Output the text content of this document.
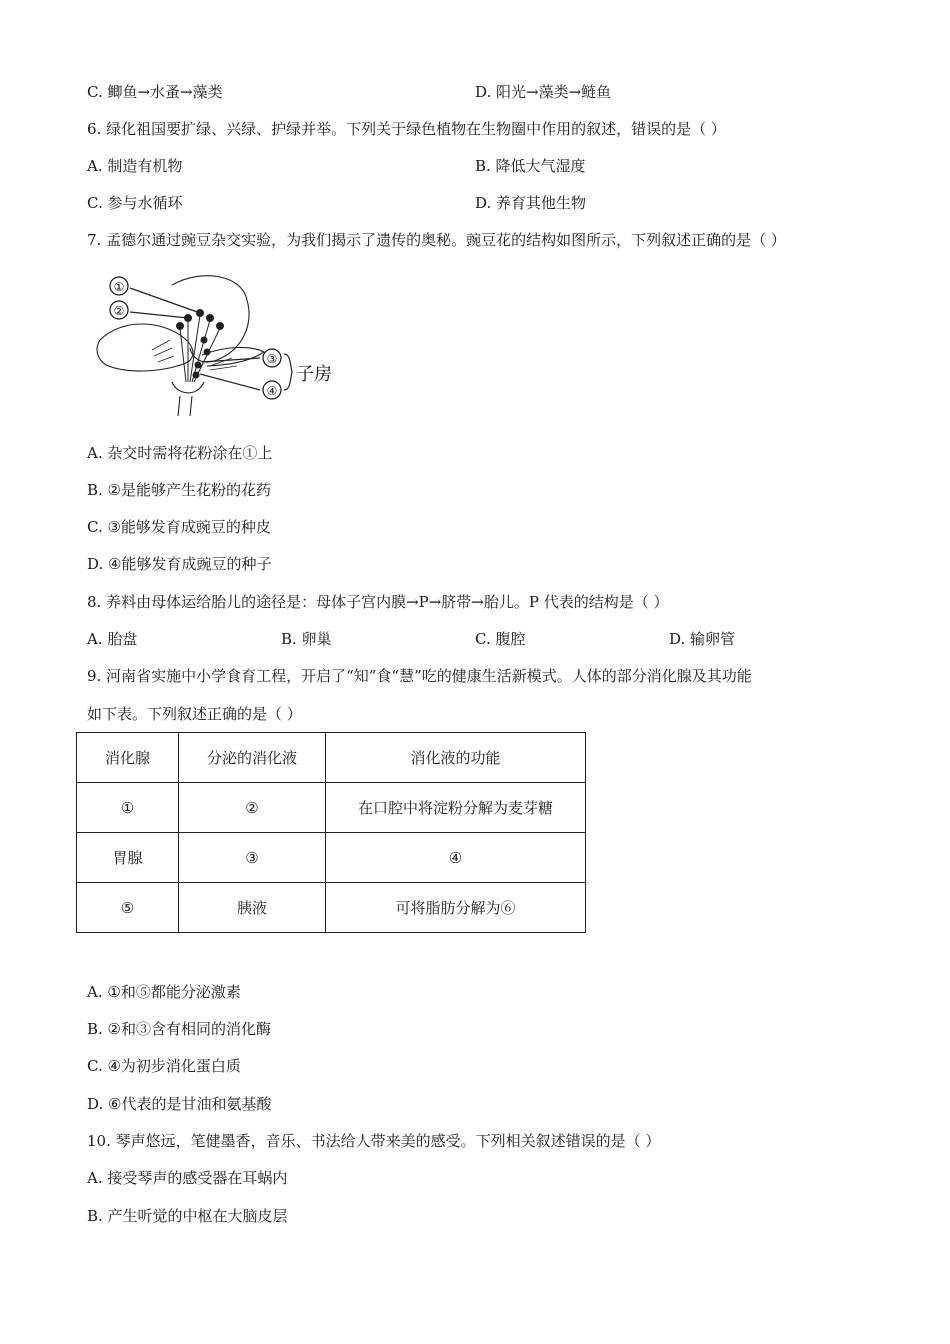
C. 鲫鱼→水蚤→藻类	D. 阳光→藻类→鲢鱼
6. 绿化祖国要扩绿、兴绿、护绿并举。下列关于绿色植物在生物圈中作用的叙述，错误的是（ ）
A. 制造有机物	B. 降低大气湿度
C. 参与水循环	D. 养育其他生物
7. 孟德尔通过豌豆杂交实验，为我们揭示了遗传的奥秘。豌豆花的结构如图所示，下列叙述正确的是（ ）
①
②
③
④
子房
A. 杂交时需将花粉涂在①上
B. ②是能够产生花粉的花药
C. ③能够发育成豌豆的种皮
D. ④能够发育成豌豆的种子
8. 养料由母体运给胎儿的途径是：母体子宫内膜→P→脐带→胎儿。P 代表的结构是（ ）
A. 胎盘	B. 卵巢	C. 腹腔	D. 输卵管
9. 河南省实施中小学食育工程，开启了“知”食“慧”吃的健康生活新模式。人体的部分消化腺及其功能
如下表。下列叙述正确的是（ ）
消化腺	分泌的消化液	消化液的功能
①	②	在口腔中将淀粉分解为麦芽糖
胃腺	③	④
⑤	胰液	可将脂肪分解为⑥
A. ①和⑤都能分泌激素
B. ②和③含有相同的消化酶
C. ④为初步消化蛋白质
D. ⑥代表的是甘油和氨基酸
10. 琴声悠远，笔健墨香，音乐、书法给人带来美的感受。下列相关叙述错误的是（ ）
A. 接受琴声的感受器在耳蜗内
B. 产生听觉的中枢在大脑皮层
